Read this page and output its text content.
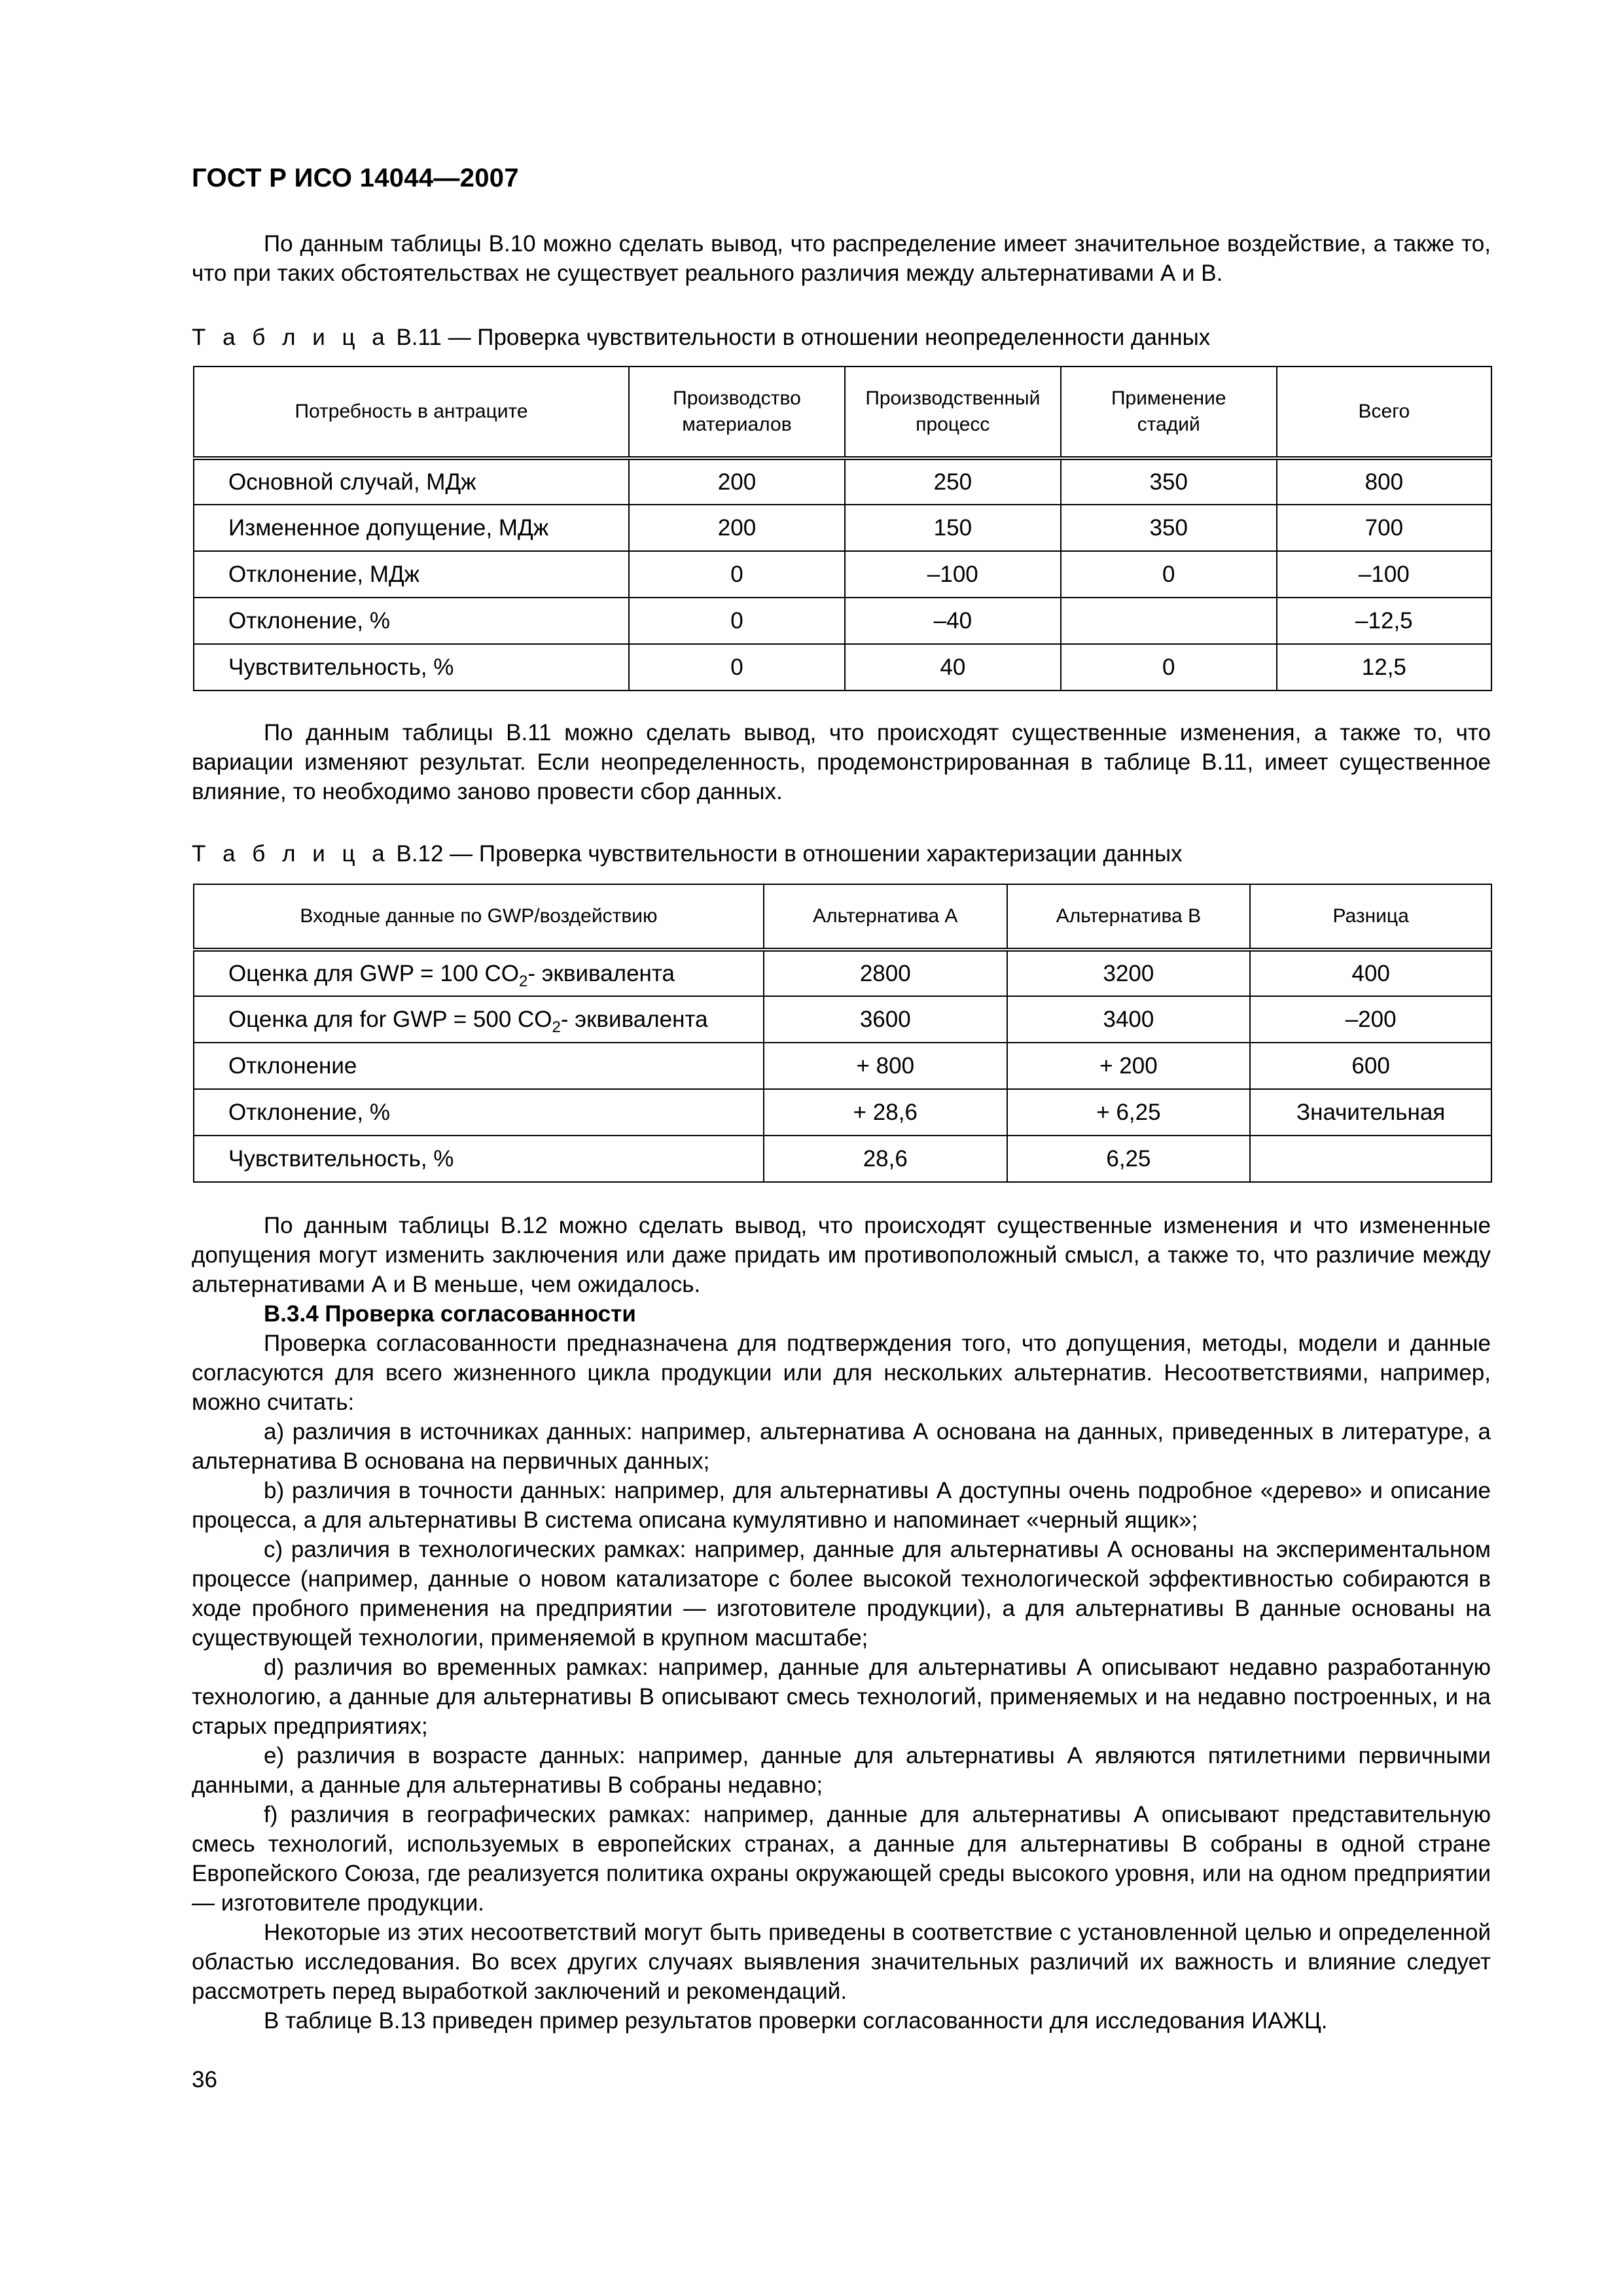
ГОСТ Р ИСО 14044—2007
По данным таблицы В.10 можно сделать вывод, что распределение имеет значительное воздействие, а также то, что при таких обстоятельствах не существует реального различия между альтернативами А и В.
Т а б л и ц а В.11 — Проверка чувствительности в отношении неопределенности данных
Потребность в антраците	Производство материалов	Производственный процесс	Применение стадий	Всего
Основной случай, МДж	200	250	350	800
Измененное допущение, МДж	200	150	350	700
Отклонение, МДж	0	–100	0	–100
Отклонение, %	0	–40		–12,5
Чувствительность, %	0	40	0	12,5
По данным таблицы В.11 можно сделать вывод, что происходят существенные изменения, а также то, что вариации изменяют результат. Если неопределенность, продемонстрированная в таблице В.11, имеет существенное влияние, то необходимо заново провести сбор данных.
Т а б л и ц а В.12 — Проверка чувствительности в отношении характеризации данных
Входные данные по GWP/воздействию	Альтернатива А	Альтернатива В	Разница
Оценка для GWP = 100 $CO_2-$ эквивалента	2800	3200	400
Оценка для for GWP = 500 $CO_2-$ эквивалента	3600	3400	–200
Отклонение	+ 800	+ 200	600
Отклонение, %	+ 28,6	+ 6,25	Значительная
Чувствительность, %	28,6	6,25	
По данным таблицы В.12 можно сделать вывод, что происходят существенные изменения и что измененные допущения могут изменить заключения или даже придать им противоположный смысл, а также то, что различие между альтернативами А и В меньше, чем ожидалось.
В.3.4 Проверка согласованности
Проверка согласованности предназначена для подтверждения того, что допущения, методы, модели и данные согласуются для всего жизненного цикла продукции или для нескольких альтернатив. Несоответствиями, например, можно считать:
a) различия в источниках данных: например, альтернатива А основана на данных, приведенных в литературе, а альтернатива В основана на первичных данных;
b) различия в точности данных: например, для альтернативы А доступны очень подробное «дерево» и описание процесса, а для альтернативы В система описана кумулятивно и напоминает «черный ящик»;
c) различия в технологических рамках: например, данные для альтернативы А основаны на экспериментальном процессе (например, данные о новом катализаторе с более высокой технологической эффективностью собираются в ходе пробного применения на предприятии — изготовителе продукции), а для альтернативы В данные основаны на существующей технологии, применяемой в крупном масштабе;
d) различия во временных рамках: например, данные для альтернативы А описывают недавно разработанную технологию, а данные для альтернативы В описывают смесь технологий, применяемых и на недавно построенных, и на старых предприятиях;
e) различия в возрасте данных: например, данные для альтернативы А являются пятилетними первичными данными, а данные для альтернативы В собраны недавно;
f) различия в географических рамках: например, данные для альтернативы А описывают представительную смесь технологий, используемых в европейских странах, а данные для альтернативы В собраны в одной стране Европейского Союза, где реализуется политика охраны окружающей среды высокого уровня, или на одном предприятии — изготовителе продукции.
Некоторые из этих несоответствий могут быть приведены в соответствие с установленной целью и определенной областью исследования. Во всех других случаях выявления значительных различий их важность и влияние следует рассмотреть перед выработкой заключений и рекомендаций.
В таблице В.13 приведен пример результатов проверки согласованности для исследования ИАЖЦ.
36
